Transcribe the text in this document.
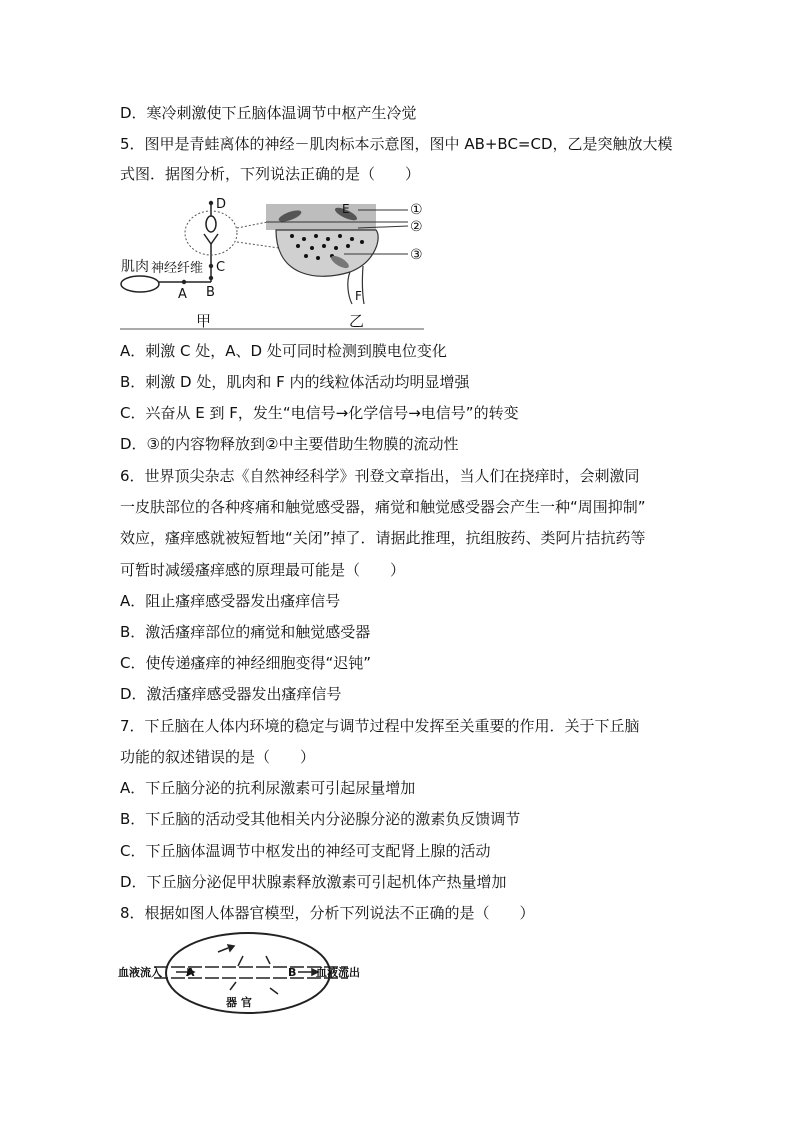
D．寒冷刺激使下丘脑体温调节中枢产生冷觉
5．图甲是青蛙离体的神经－肌肉标本示意图，图中 AB+BC=CD，乙是突触放大模
式图．据图分析，下列说法正确的是（　　）
A．刺激 C 处，A、D 处可同时检测到膜电位变化
B．刺激 D 处，肌肉和 F 内的线粒体活动均明显增强
C．兴奋从 E 到 F，发生“电信号→化学信号→电信号”的转变
D．③的内容物释放到②中主要借助生物膜的流动性
6．世界顶尖杂志《自然神经科学》刊登文章指出，当人们在挠痒时，会刺激同
一皮肤部位的各种疼痛和触觉感受器，痛觉和触觉感受器会产生一种“周围抑制”
效应，瘙痒感就被短暂地“关闭”掉了．请据此推理，抗组胺药、类阿片拮抗药等
可暂时减缓瘙痒感的原理最可能是（　　）
A．阻止瘙痒感受器发出瘙痒信号
B．激活瘙痒部位的痛觉和触觉感受器
C．使传递瘙痒的神经细胞变得“迟钝”
D．激活瘙痒感受器发出瘙痒信号
7．下丘脑在人体内环境的稳定与调节过程中发挥至关重要的作用．关于下丘脑
功能的叙述错误的是（　　）
A．下丘脑分泌的抗利尿激素可引起尿量增加
B．下丘脑的活动受其他相关内分泌腺分泌的激素负反馈调节
C．下丘脑体温调节中枢发出的神经可支配肾上腺的活动
D．下丘脑分泌促甲状腺素释放激素可引起机体产热量增加
8．根据如图人体器官模型，分析下列说法不正确的是（　　）
D
C
B
A
肌肉 神经纤维
甲
E
F
①
②
③
乙
血液流入 A	B 血液流出
器 官
